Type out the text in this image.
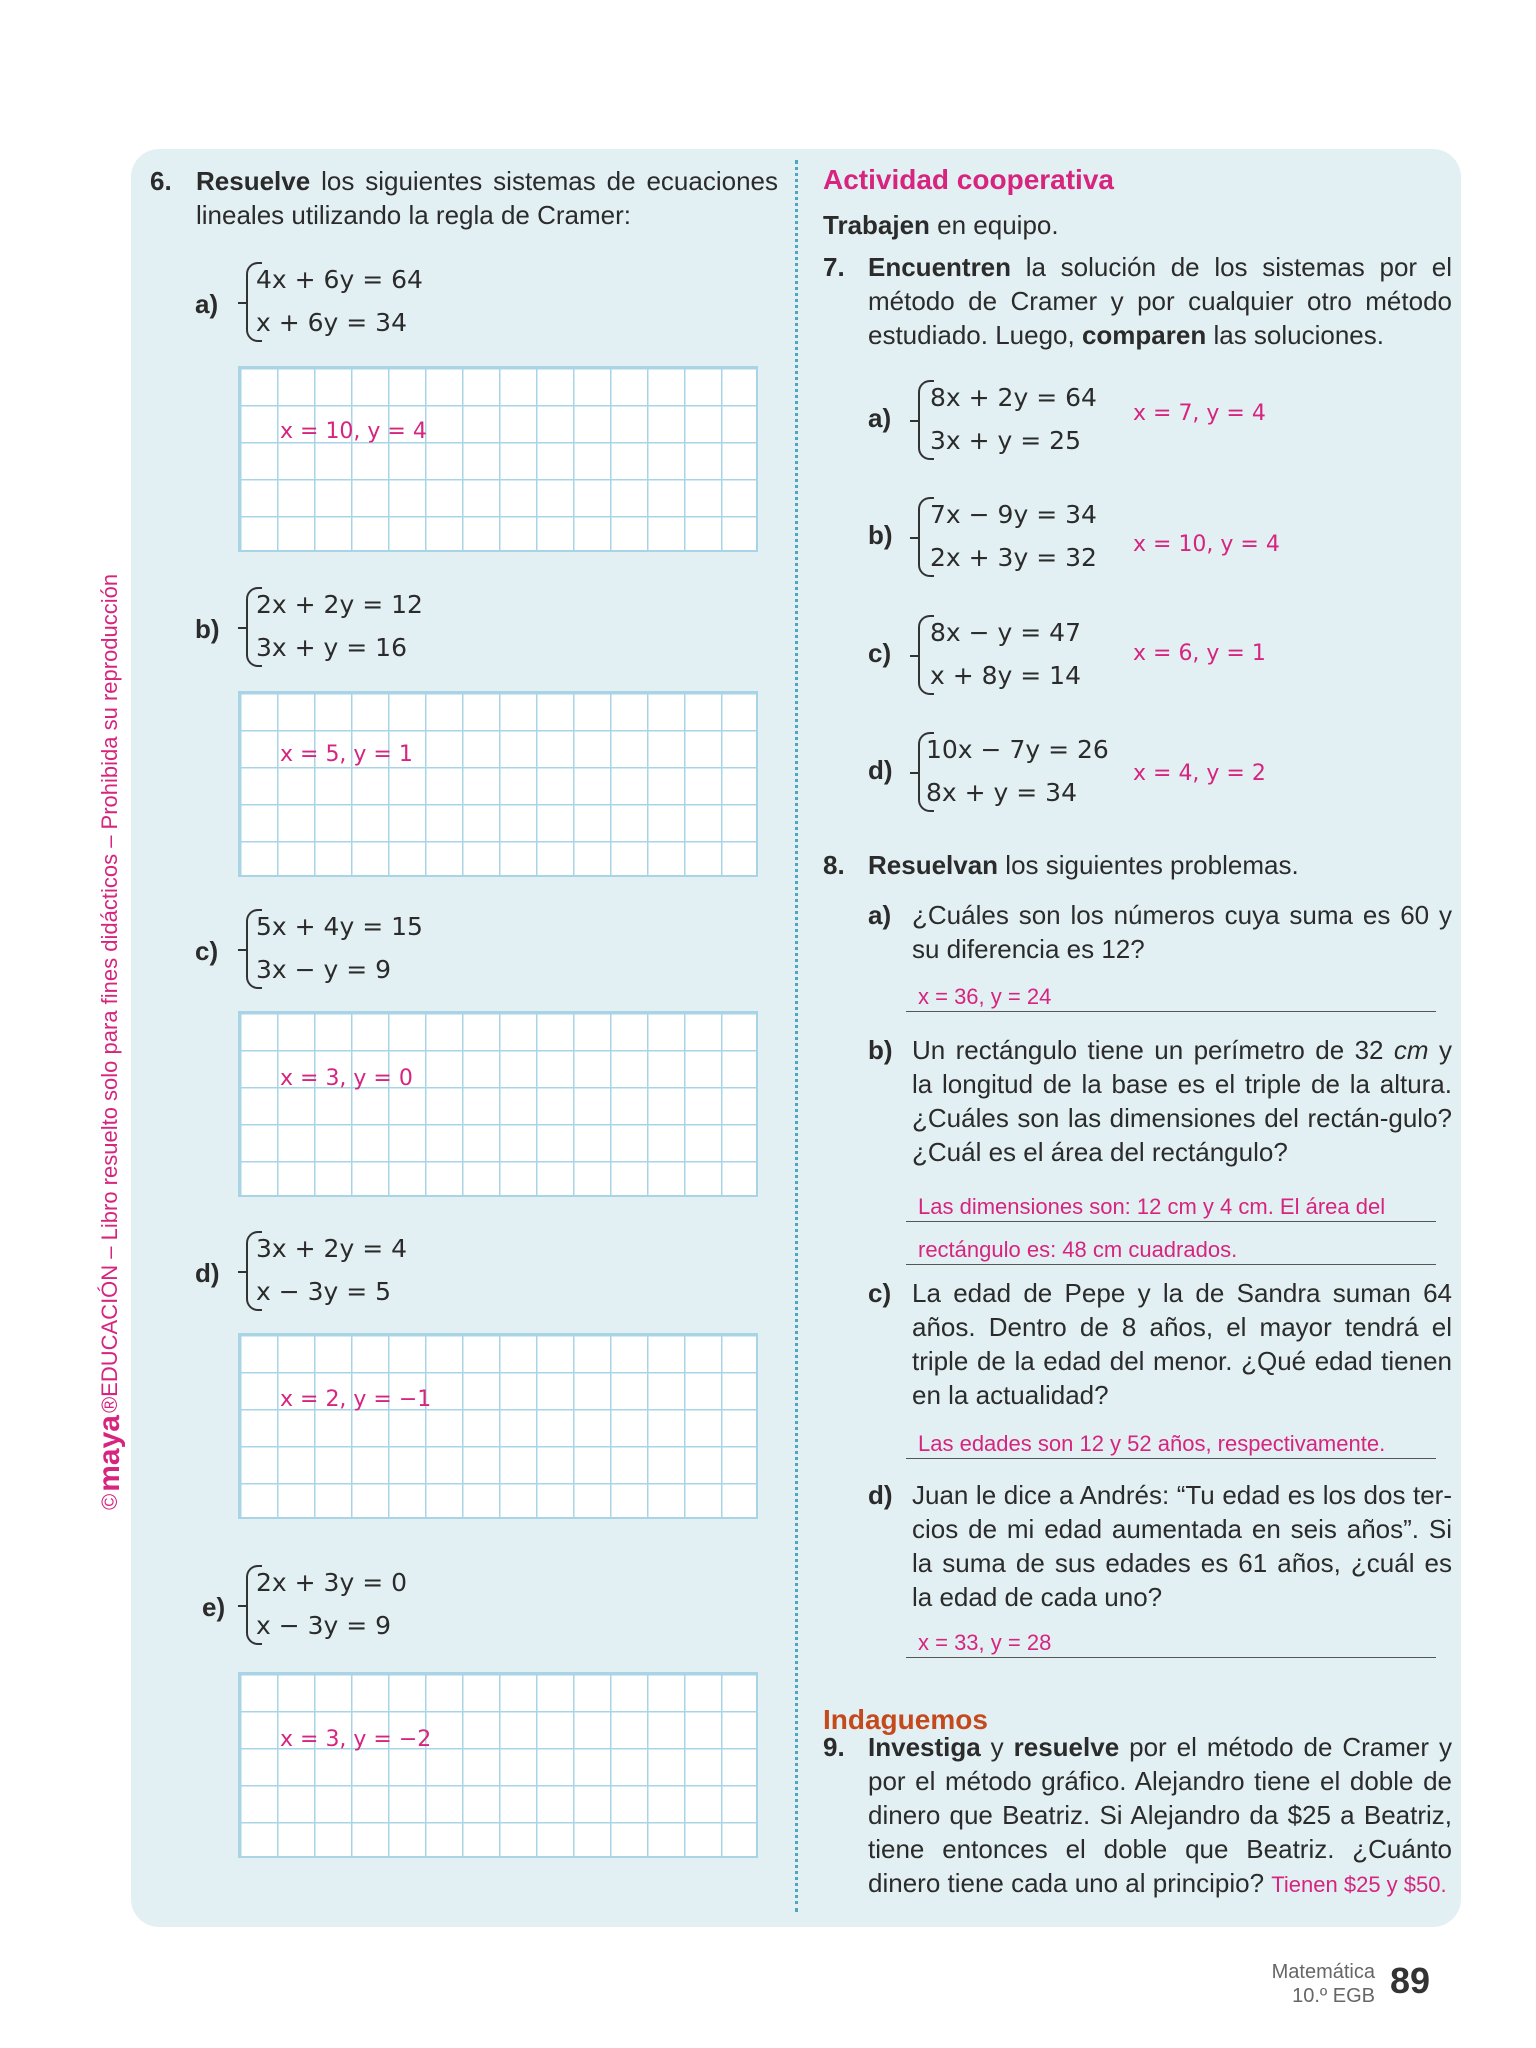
©
maya
®
EDUCACIÓN – Libro resuelto solo para fines didácticos – Prohibida su reproducción
6. Resuelve los siguientes sistemas de ecuaciones lineales utilizando la regla de Cramer:
a)
4x + 6y = 64
x + 6y = 34
x = 10, y = 4
b)
2x + 2y = 12
3x + y = 16
x = 5, y = 1
c)
5x + 4y = 15
3x − y = 9
x = 3, y = 0
d)
3x + 2y = 4
x − 3y = 5
x = 2, y = −1
e)
2x + 3y = 0
x − 3y = 9
x = 3, y = −2
Actividad cooperativa
Trabajen en equipo.
7. Encuentren la solución de los sistemas por el método de Cramer y por cualquier otro método estudiado. Luego, comparen las soluciones.
a)
8x + 2y = 64
3x + y = 25
x = 7, y = 4
b)
7x − 9y = 34
2x + 3y = 32 x = 10, y = 4
c)
8x − y = 47
x + 8y = 14
x = 6, y = 1
d)
10x − 7y = 26
8x + y = 34
x = 4, y = 2
8. Resuelvan los siguientes problemas.
a) ¿Cuáles son los números cuya suma es 60 y su diferencia es 12?
x = 36, y = 24
b) Un rectángulo tiene un perímetro de 32 cm y la longitud de la base es el triple de la altura. ¿Cuáles son las dimensiones del rectán-gulo? ¿Cuál es el área del rectángulo?
Las dimensiones son: 12 cm y 4 cm. El área del
rectángulo es: 48 cm cuadrados.
c) La edad de Pepe y la de Sandra suman 64 años. Dentro de 8 años, el mayor tendrá el triple de la edad del menor. ¿Qué edad tienen en la actualidad?
Las edades son 12 y 52 años, respectivamente.
d) Juan le dice a Andrés: “Tu edad es los dos ter-cios de mi edad aumentada en seis años”. Si la suma de sus edades es 61 años, ¿cuál es la edad de cada uno?
x = 33, y = 28
Indaguemos
9. Investiga y resuelve por el método de Cramer y por el método gráfico. Alejandro tiene el doble de dinero que Beatriz. Si Alejandro da $25 a Beatriz, tiene entonces el doble que Beatriz. ¿Cuánto dinero tiene cada uno al principio? Tienen $25 y $50.
Matemática
10.º EGB 89
